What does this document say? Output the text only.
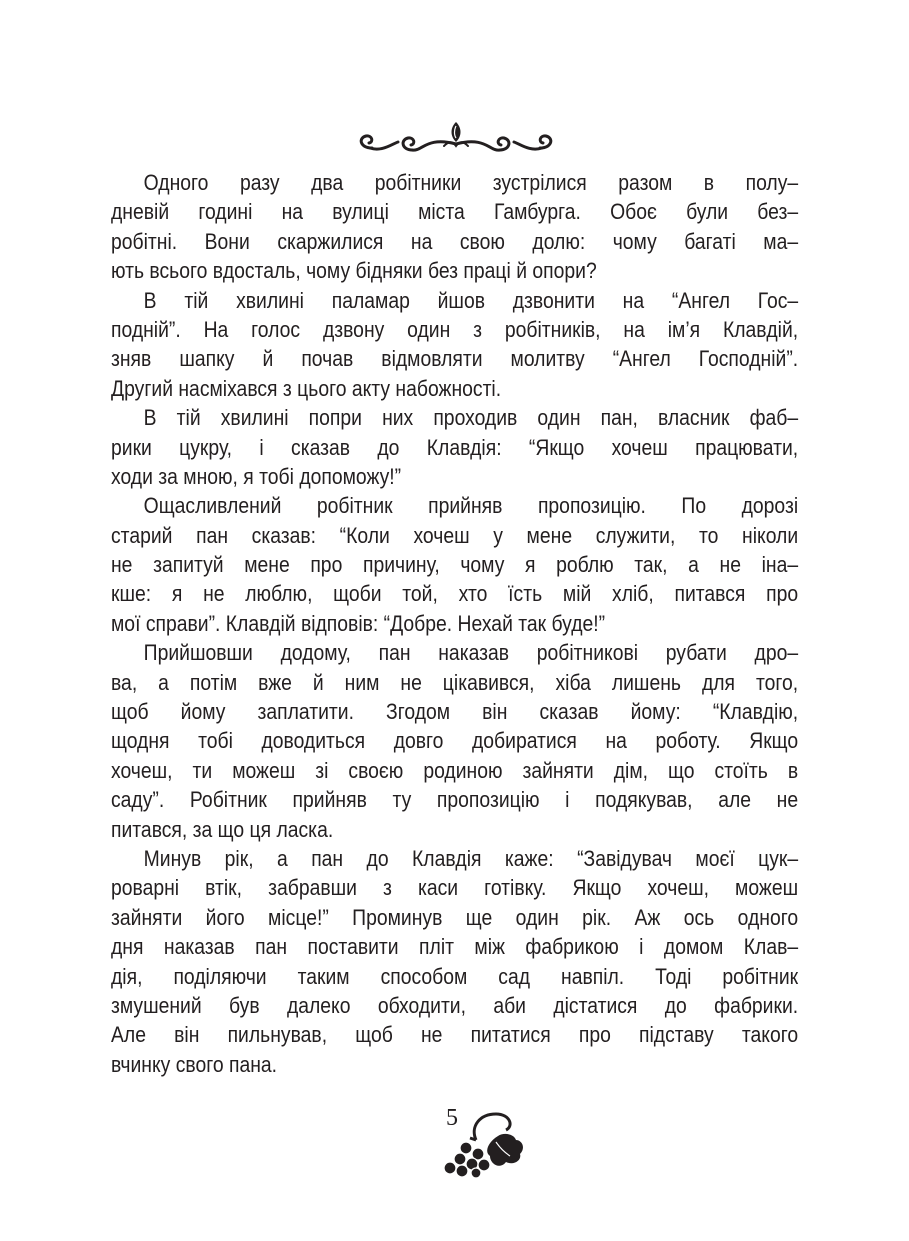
Одного разу два робітники зустрілися разом в полу–
дневій годині на вулиці міста Гамбурга. Обоє були без–
робітні. Вони скаржилися на свою долю: чому багаті ма–
ють всього вдосталь, чому бідняки без праці й опори?
В тій хвилині паламар йшов дзвонити на “Ангел Гос–
подній”. На голос дзвону один з робітників, на ім’я Клавдій,
зняв шапку й почав відмовляти молитву “Ангел Господній”.
Другий насміхався з цього акту набожності.
В тій хвилині попри них проходив один пан, власник фаб–
рики цукру, і сказав до Клавдія: “Якщо хочеш працювати,
ходи за мною, я тобі допоможу!”
Ощасливлений робітник прийняв пропозицію. По дорозі
старий пан сказав: “Коли хочеш у мене служити, то ніколи
не запитуй мене про причину, чому я роблю так, а не іна–
кше: я не люблю, щоби той, хто їсть мій хліб, питався про
мої справи”. Клавдій відповів: “Добре. Нехай так буде!”
Прийшовши додому, пан наказав робітникові рубати дро–
ва, а потім вже й ним не цікавився, хіба лишень для того,
щоб йому заплатити. Згодом він сказав йому: “Клавдію,
щодня тобі доводиться довго добиратися на роботу. Якщо
хочеш, ти можеш зі своєю родиною зайняти дім, що стоїть в
саду”. Робітник прийняв ту пропозицію і подякував, але не
питався, за що ця ласка.
Минув рік, а пан до Клавдія каже: “Завідувач моєї цук–
роварні втік, забравши з каси готівку. Якщо хочеш, можеш
зайняти його місце!” Проминув ще один рік. Аж ось одного
дня наказав пан поставити пліт між фабрикою і домом Клав–
дія, поділяючи таким способом сад навпіл. Тоді робітник
змушений був далеко обходити, аби дістатися до фабрики.
Але він пильнував, щоб не питатися про підставу такого
вчинку свого пана.
5
